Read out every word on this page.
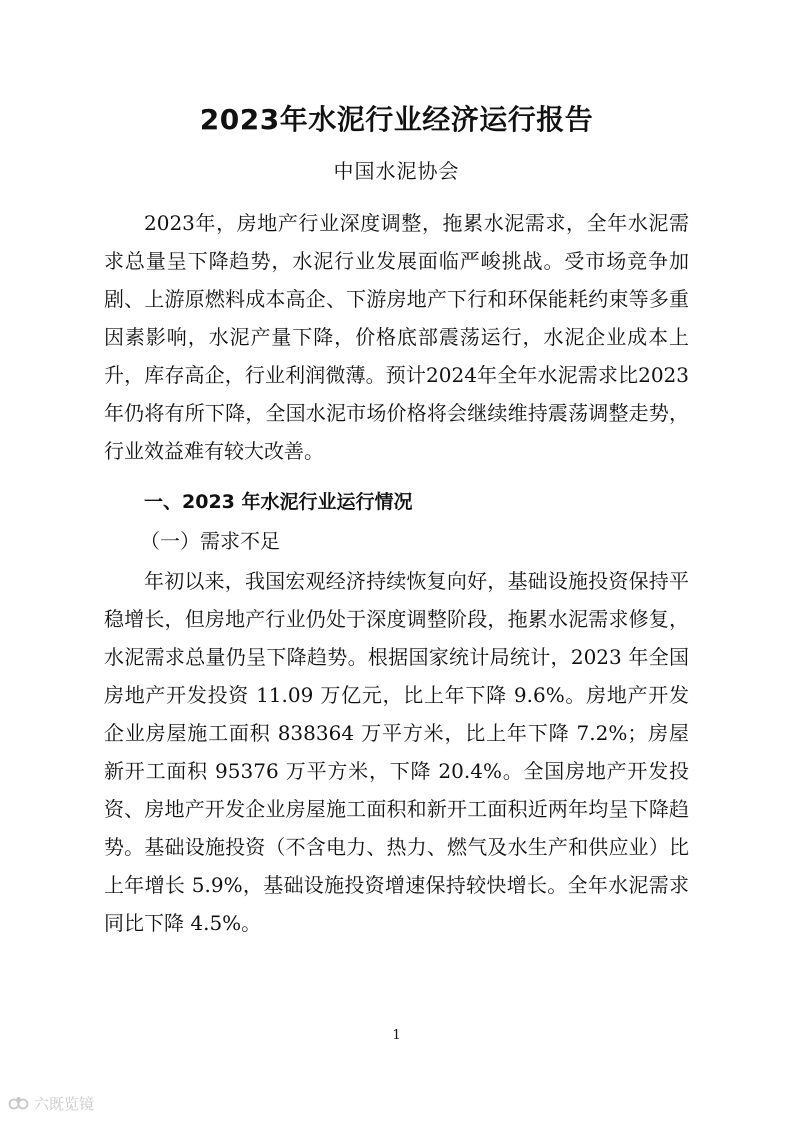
2023年水泥行业经济运行报告
中国水泥协会

2023年，房地产行业深度调整，拖累水泥需求，全年水泥需求总量呈下降趋势，水泥行业发展面临严峻挑战。受市场竞争加剧、上游原燃料成本高企、下游房地产下行和环保能耗约束等多重因素影响，水泥产量下降，价格底部震荡运行，水泥企业成本上升，库存高企，行业利润微薄。预计2024年全年水泥需求比2023年仍将有所下降，全国水泥市场价格将会继续维持震荡调整走势，行业效益难有较大改善。

一、2023 年水泥行业运行情况
（一）需求不足

年初以来，我国宏观经济持续恢复向好，基础设施投资保持平稳增长，但房地产行业仍处于深度调整阶段，拖累水泥需求修复，水泥需求总量仍呈下降趋势。根据国家统计局统计，2023 年全国房地产开发投资 11.09 万亿元，比上年下降 9.6%。房地产开发企业房屋施工面积 838364 万平方米，比上年下降 7.2%；房屋新开工面积 95376 万平方米，下降 20.4%。全国房地产开发投资、房地产开发企业房屋施工面积和新开工面积近两年均呈下降趋势。基础设施投资（不含电力、热力、燃气及水生产和供应业）比上年增长 5.9%，基础设施投资增速保持较快增长。全年水泥需求同比下降 4.5%。

1
六既览镜
